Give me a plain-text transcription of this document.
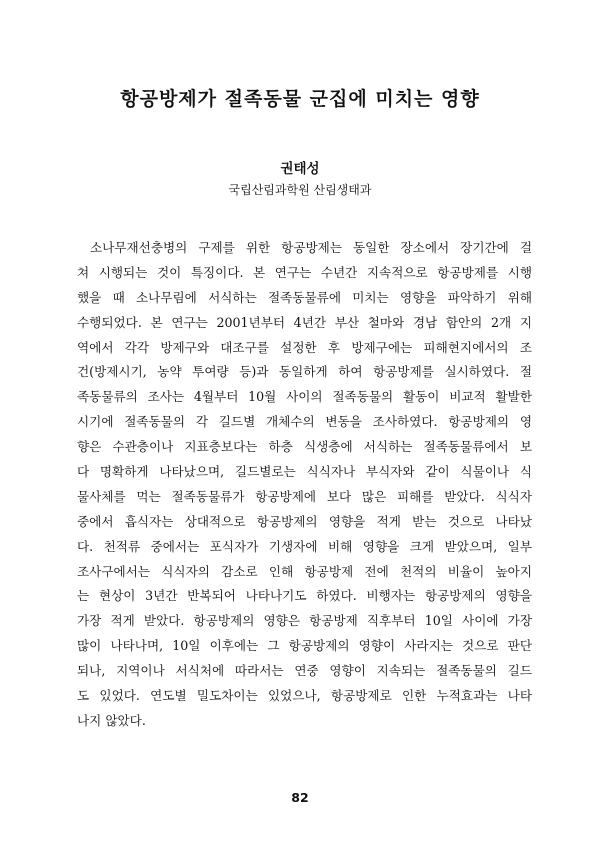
항공방제가 절족동물 군집에 미치는 영향
권태성
국립산림과학원 산림생태과
소나무재선충병의 구제를 위한 항공방제는 동일한 장소에서 장기간에 걸
쳐 시행되는 것이 특징이다. 본 연구는 수년간 지속적으로 항공방제를 시행
했을 때 소나무림에 서식하는 절족동물류에 미치는 영향을 파악하기 위해
수행되었다. 본 연구는 2001년부터 4년간 부산 철마와 경남 함안의 2개 지
역에서 각각 방제구와 대조구를 설정한 후 방제구에는 피해현지에서의 조
건(방제시기, 농약 투여량 등)과 동일하게 하여 항공방제를 실시하였다. 절
족동물류의 조사는 4월부터 10월 사이의 절족동물의 활동이 비교적 활발한
시기에 절족동물의 각 길드별 개체수의 변동을 조사하였다. 항공방제의 영
향은 수관층이나 지표층보다는 하층 식생층에 서식하는 절족동물류에서 보
다 명확하게 나타났으며, 길드별로는 식식자나 부식자와 같이 식물이나 식
물사체를 먹는 절족동물류가 항공방제에 보다 많은 피해를 받았다. 식식자
중에서 흡식자는 상대적으로 항공방제의 영향을 적게 받는 것으로 나타났
다. 천적류 중에서는 포식자가 기생자에 비해 영향을 크게 받았으며, 일부
조사구에서는 식식자의 감소로 인해 항공방제 전에 천적의 비율이 높아지
는 현상이 3년간 반복되어 나타나기도 하였다. 비행자는 항공방제의 영향을
가장 적게 받았다. 항공방제의 영향은 항공방제 직후부터 10일 사이에 가장
많이 나타나며, 10일 이후에는 그 항공방제의 영향이 사라지는 것으로 판단
되나, 지역이나 서식처에 따라서는 연중 영향이 지속되는 절족동물의 길드
도 있었다. 연도별 밀도차이는 있었으나, 항공방제로 인한 누적효과는 나타
나지 않았다.
82
